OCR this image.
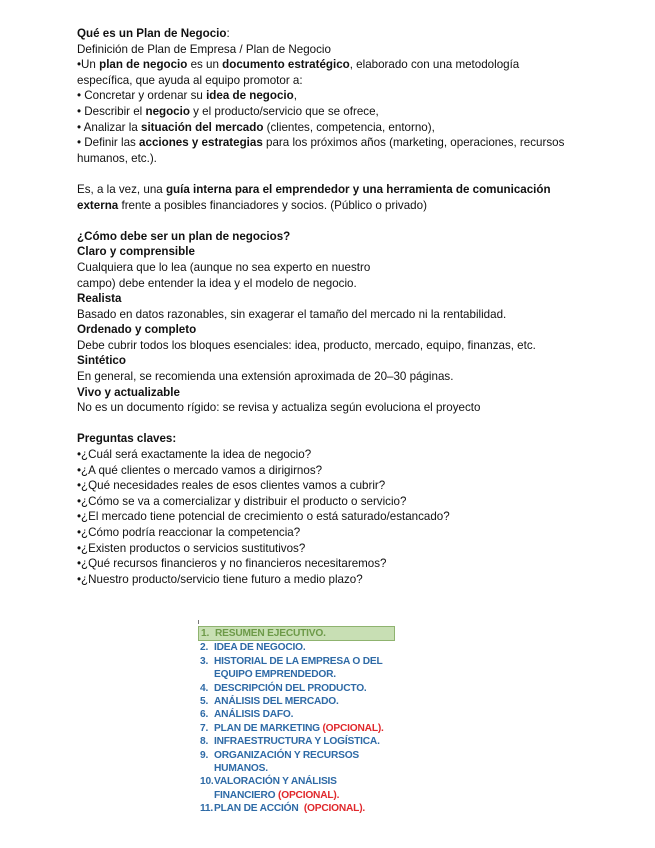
Qué es un Plan de Negocio:
Definición de Plan de Empresa / Plan de Negocio
•Un plan de negocio es un documento estratégico, elaborado con una metodología
específica, que ayuda al equipo promotor a:
• Concretar y ordenar su idea de negocio,
• Describir el negocio y el producto/servicio que se ofrece,
• Analizar la situación del mercado (clientes, competencia, entorno),
• Definir las acciones y estrategias para los próximos años (marketing, operaciones, recursos
humanos, etc.).
Es, a la vez, una guía interna para el emprendedor y una herramienta de comunicación
externa frente a posibles financiadores y socios. (Público o privado)
¿Cómo debe ser un plan de negocios?
Claro y comprensible
Cualquiera que lo lea (aunque no sea experto en nuestro
campo) debe entender la idea y el modelo de negocio.
Realista
Basado en datos razonables, sin exagerar el tamaño del mercado ni la rentabilidad.
Ordenado y completo
Debe cubrir todos los bloques esenciales: idea, producto, mercado, equipo, finanzas, etc.
Sintético
En general, se recomienda una extensión aproximada de 20–30 páginas.
Vivo y actualizable
No es un documento rígido: se revisa y actualiza según evoluciona el proyecto
Preguntas claves:
•¿Cuál será exactamente la idea de negocio?
•¿A qué clientes o mercado vamos a dirigirnos?
•¿Qué necesidades reales de esos clientes vamos a cubrir?
•¿Cómo se va a comercializar y distribuir el producto o servicio?
•¿El mercado tiene potencial de crecimiento o está saturado/estancado?
•¿Cómo podría reaccionar la competencia?
•¿Existen productos o servicios sustitutivos?
•¿Qué recursos financieros y no financieros necesitaremos?
•¿Nuestro producto/servicio tiene futuro a medio plazo?
1. RESUMEN EJECUTIVO.
2. IDEA DE NEGOCIO.
3. HISTORIAL DE LA EMPRESA O DEL
EQUIPO EMPRENDEDOR.
4. DESCRIPCIÓN DEL PRODUCTO.
5. ANÁLISIS DEL MERCADO.
6. ANÁLISIS DAFO.
7. PLAN DE MARKETING
(OPCIONAL).
8. INFRAESTRUCTURA Y LOGÍSTICA.
9. ORGANIZACIÓN Y RECURSOS
HUMANOS.
10. VALORACIÓN Y ANÁLISIS
FINANCIERO
(OPCIONAL).
11. PLAN DE ACCIÓN
(OPCIONAL).
